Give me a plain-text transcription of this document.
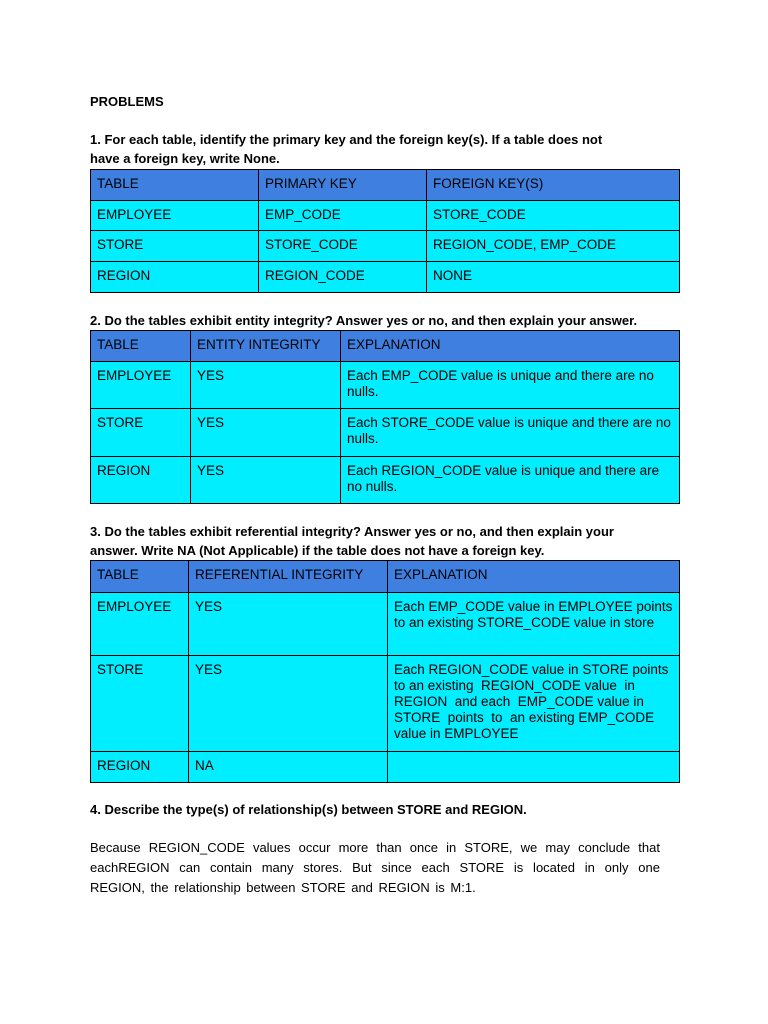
PROBLEMS
1. For each table, identify the primary key and the foreign key(s). If a table does not
have a foreign key, write None.
TABLE	PRIMARY KEY	FOREIGN KEY(S)
EMPLOYEE	EMP_CODE	STORE_CODE
STORE	STORE_CODE	REGION_CODE, EMP_CODE
REGION	REGION_CODE	NONE
2. Do the tables exhibit entity integrity? Answer yes or no, and then explain your answer.
TABLE	ENTITY INTEGRITY	EXPLANATION
EMPLOYEE	YES	Each EMP_CODE value is unique and there are no nulls.
STORE	YES	Each STORE_CODE value is unique and there are no nulls.
REGION	YES	Each REGION_CODE value is unique and there are no nulls.
3. Do the tables exhibit referential integrity? Answer yes or no, and then explain your
answer. Write NA (Not Applicable) if the table does not have a foreign key.
TABLE	REFERENTIAL INTEGRITY	EXPLANATION
EMPLOYEE	YES	Each EMP_CODE value in EMPLOYEE points to an existing STORE_CODE value in store
STORE	YES	Each REGION_CODE value in STORE points to an existing  REGION_CODE value  in  REGION  and each  EMP_CODE value in  STORE  points  to  an existing EMP_CODE value in EMPLOYEE
REGION	NA	
4. Describe the type(s) of relationship(s) between STORE and REGION.
Because REGION_CODE values occur more than once in STORE, we may conclude that eachREGION can contain many stores. But since each STORE is located in only one REGION, the relationship between STORE and REGION is M:1.
